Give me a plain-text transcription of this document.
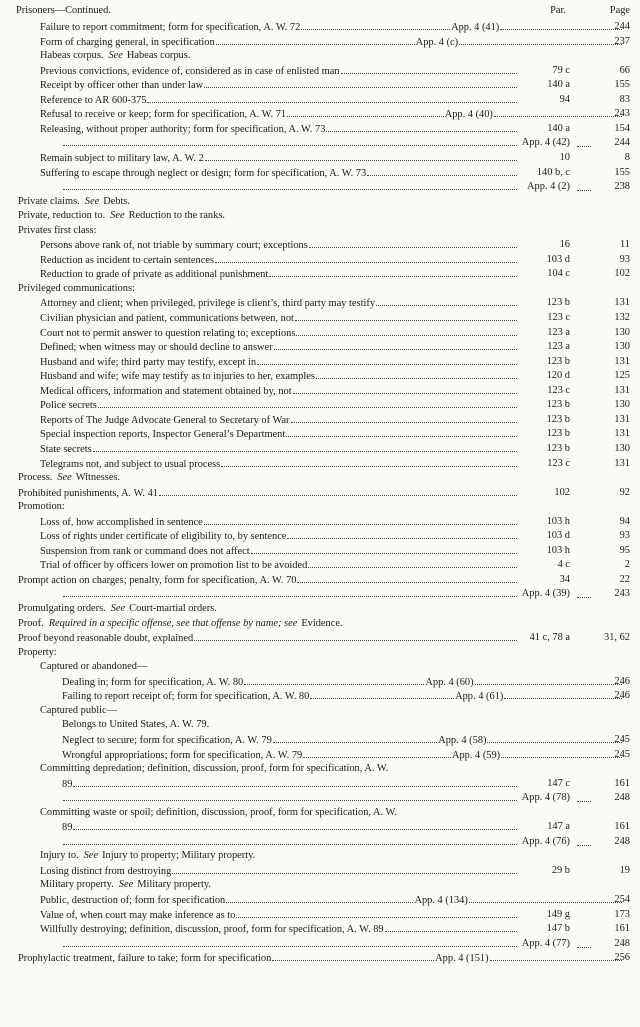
Prisoners—Continued.	Par.	Page
Failure to report commitment; form for specification, A. W. 72	App. 4 (41)	244
Form of charging general, in specification	App. 4 (c)	237
Habeas corpus. See Habeas corpus.
Previous convictions, evidence of, considered as in case of enlisted man	79 c	66
Receipt by officer other than under law	140 a	155
Reference to AR 600-375	94	83
Refusal to receive or keep; form for specification, A. W. 71	App. 4 (40)	243
Releasing, without proper authority; form for specification, A. W. 73	140 a	154
App. 4 (42)	244
Remain subject to military law, A. W. 2	10	8
Suffering to escape through neglect or design; form for specification, A. W. 73	140 b, c	155
App. 4 (2)	238
Private claims. See Debts.
Private, reduction to. See Reduction to the ranks.
Privates first class:
Persons above rank of, not triable by summary court; exceptions	16	11
Reduction as incident to certain sentences	103 d	93
Reduction to grade of private as additional punishment	104 c	102
Privileged communications:
Attorney and client; when privileged, privilege is client’s, third party may testify	123 b	131
Civilian physician and patient, communications between, not	123 c	132
Court not to permit answer to question relating to; exceptions	123 a	130
Defined; when witness may or should decline to answer	123 a	130
Husband and wife; third party may testify, except in	123 b	131
Husband and wife; wife may testify as to injuries to her, examples	120 d	125
Medical officers, information and statement obtained by, not	123 c	131
Police secrets	123 b	130
Reports of The Judge Advocate General to Secretary of War	123 b	131
Special inspection reports, Inspector General’s Department	123 b	131
State secrets	123 b	130
Telegrams not, and subject to usual process	123 c	131
Process. See Witnesses.
Prohibited punishments, A. W. 41	102	92
Promotion:
Loss of, how accomplished in sentence	103 h	94
Loss of rights under certificate of eligibility to, by sentence	103 d	93
Suspension from rank or command does not affect	103 h	95
Trial of officer by officers lower on promotion list to be avoided	4 c	2
Prompt action on charges; penalty, form for specification, A. W. 70	34	22
App. 4 (39)	243
Promulgating orders. See Court-martial orders.
Proof. Required in a specific offense, see that offense by name; see Evidence.
Proof beyond reasonable doubt, explained	41 c, 78 a	31, 62
Property:
Captured or abandoned—
Dealing in; form for specification, A. W. 80	App. 4 (60)	246
Failing to report receipt of; form for specification, A. W. 80	App. 4 (61)	246
Captured public—
Belongs to United States, A. W. 79.
Neglect to secure; form for specification, A. W. 79	App. 4 (58)	245
Wrongful appropriations; form for specification, A. W. 79	App. 4 (59)	245
Committing depredation; definition, discussion, proof, form for specification, A. W.
89	147 c	161
App. 4 (78)	248
Committing waste or spoil; definition, discussion, proof, form for specification, A. W.
89	147 a	161
App. 4 (76)	248
Injury to. See Injury to property; Military property.
Losing distinct from destroying	29 b	19
Military property. See Military property.
Public, destruction of; form for specification	App. 4 (134)	254
Value of, when court may make inference as to	149 g	173
Willfully destroying; definition, discussion, proof, form for specification, A. W. 89	147 b	161
App. 4 (77)	248
Prophylactic treatment, failure to take; form for specification	App. 4 (151)	256
